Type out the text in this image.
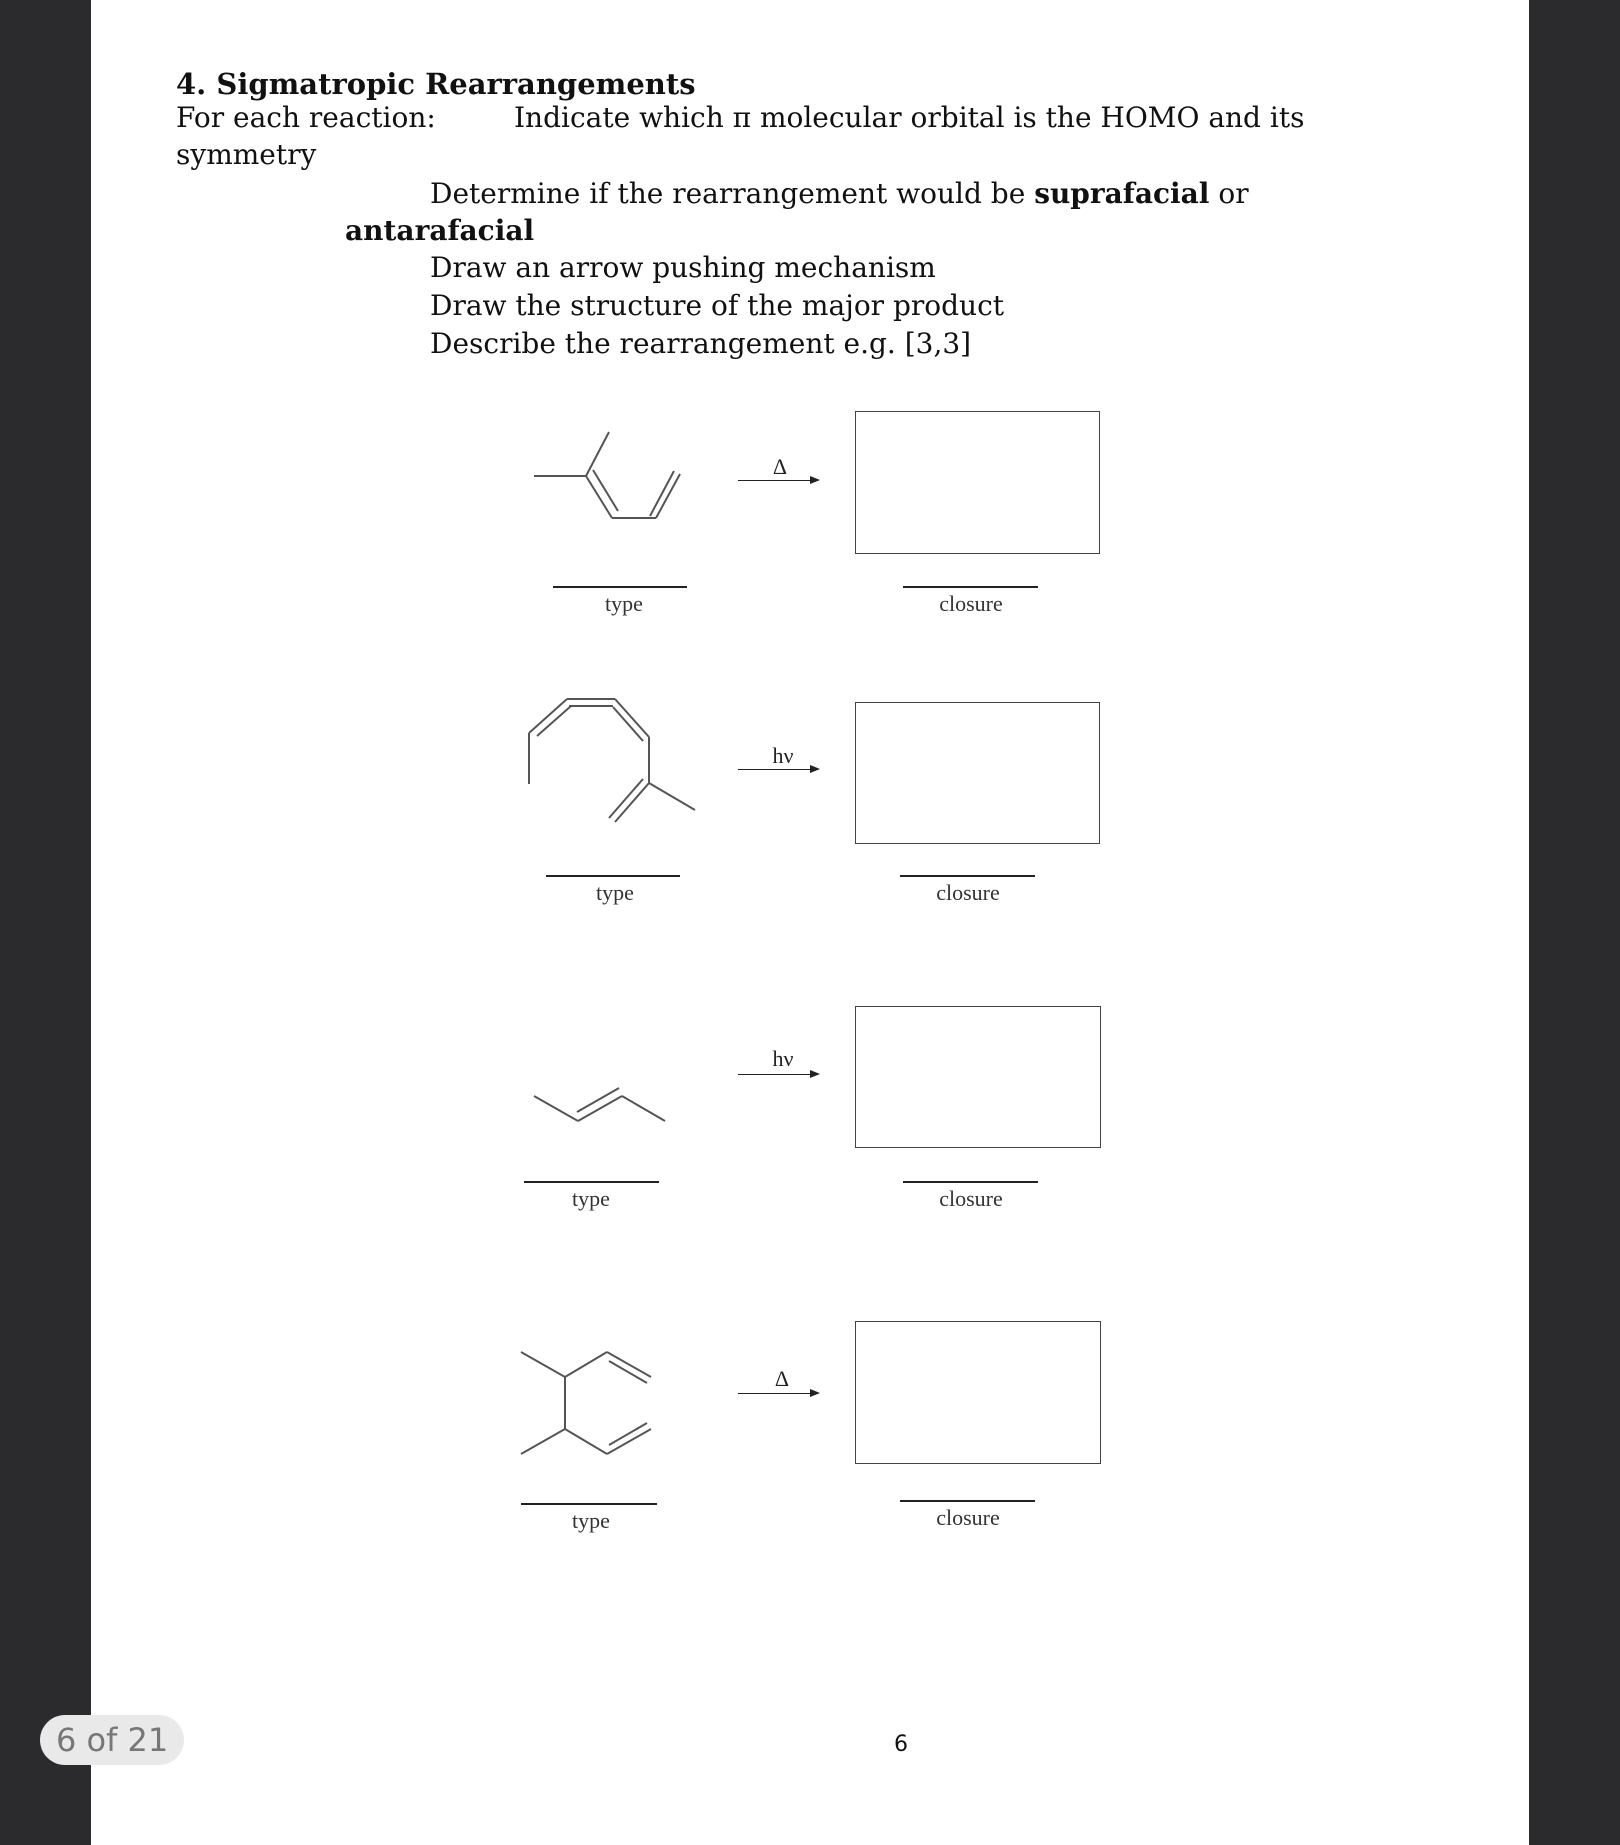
4. Sigmatropic Rearrangements
For each reaction:	Indicate which π molecular orbital is the HOMO and its
symmetry
Determine if the rearrangement would be suprafacial or
antarafacial
Draw an arrow pushing mechanism
Draw the structure of the major product
Describe the rearrangement e.g. [3,3]
Δ
type	closure
hν
type	closure
hν
type	closure
Δ
type	closure
6
6 of 21
